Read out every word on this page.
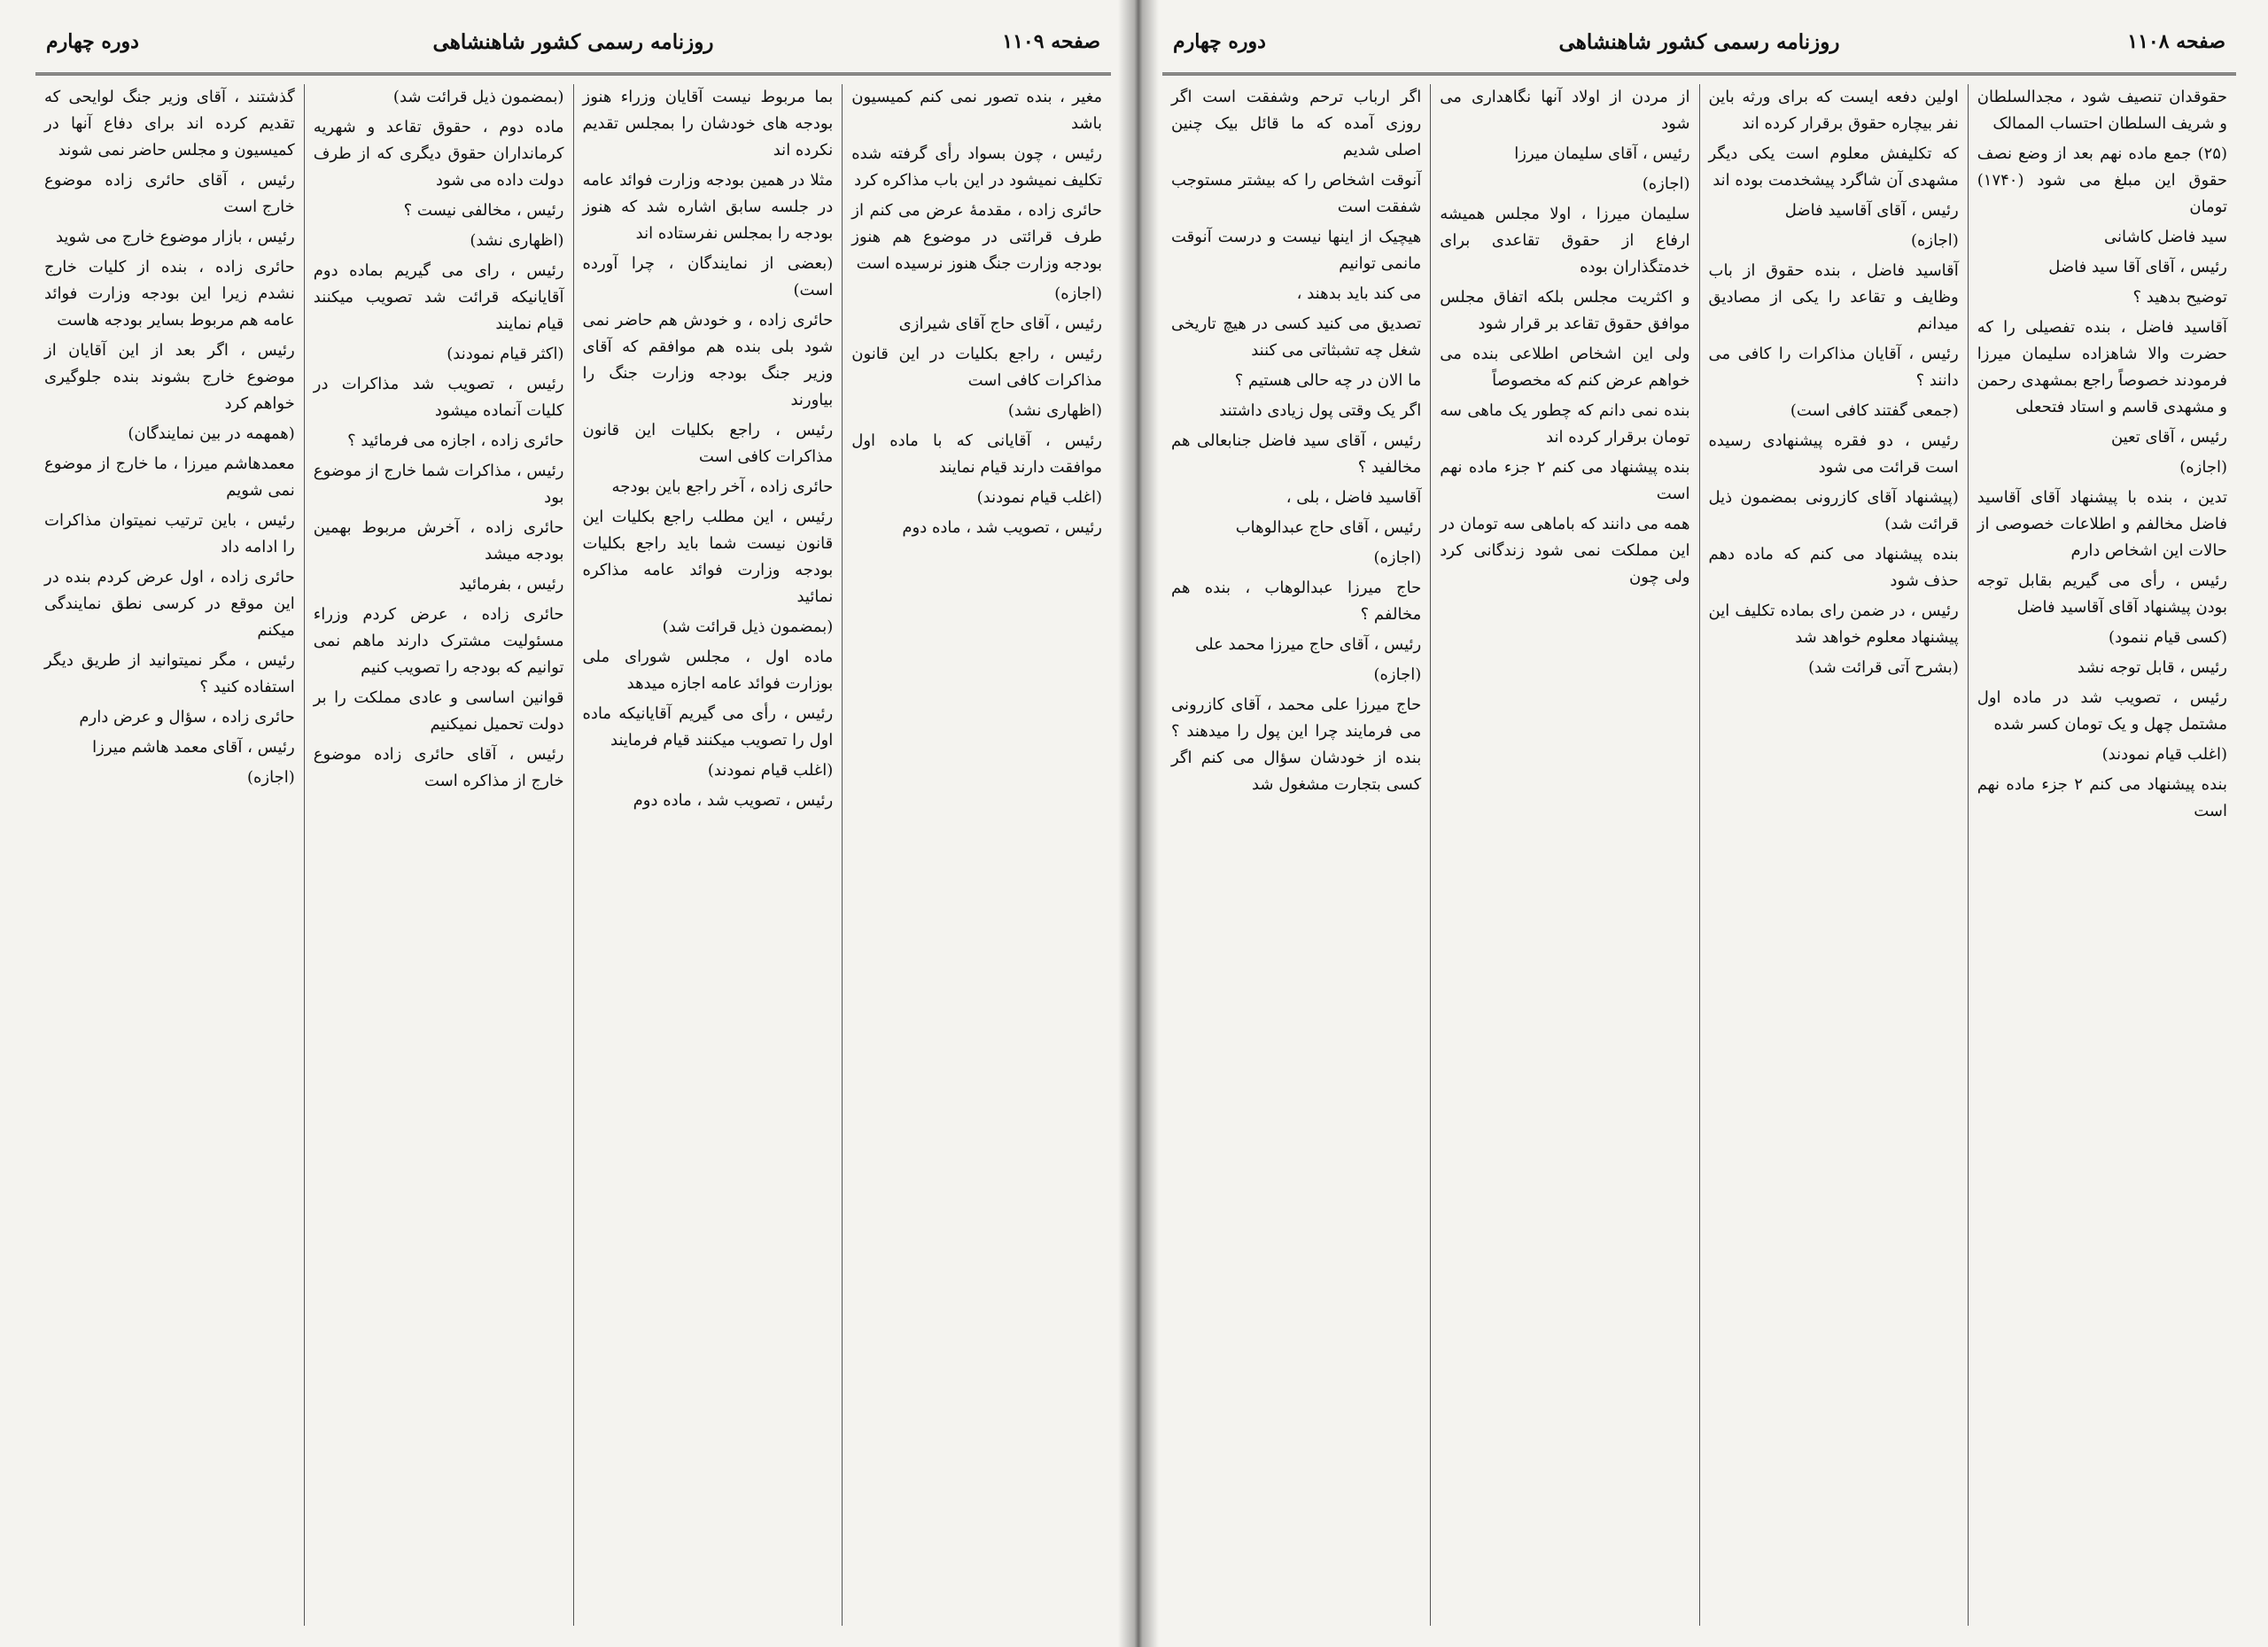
صفحه ۱۱۰۹
روزنامه رسمی کشور شاهنشاهی
دوره چهارم

مغیر ، بنده تصور نمی کنم کمیسیون باشد

رئیس ، چون بسواد رأی گرفته شده تکلیف نمیشود در این باب مذاکره کرد

حائری زاده ، مقدمهٔ عرض می کنم از طرف قرائتی در موضوع هم هنوز بودجه وزارت جنگ هنوز نرسیده است

(اجازه)

رئیس ، آقای حاج آقای شیرازی

رئیس ، راجع بکلیات در این قانون مذاکرات کافی است

(اظهاری نشد)

رئیس ، آقایانی که با ماده اول موافقت دارند قیام نمایند

(اغلب قیام نمودند)

رئیس ، تصویب شد ، ماده دوم

بما مربوط نیست آقایان وزراء هنوز بودجه های خودشان را بمجلس تقدیم نکرده اند

مثلا در همین بودجه وزارت فوائد عامه در جلسه سابق اشاره شد که هنوز بودجه را بمجلس نفرستاده اند

(بعضی از نمایندگان ، چرا آورده است)

حائری زاده ، و خودش هم حاضر نمی شود بلی بنده هم موافقم که آقای وزیر جنگ بودجه وزارت جنگ را بیاورند

رئیس ، راجع بکلیات این قانون مذاکرات کافی است

حائری زاده ، آخر راجع باین بودجه

رئیس ، این مطلب راجع بکلیات این قانون نیست شما باید راجع بکلیات بودجه وزارت فوائد عامه مذاکره نمائید

(بمضمون ذیل قرائت شد)

ماده اول ، مجلس شورای ملی بوزارت فوائد عامه اجازه میدهد

رئیس ، رأی می گیریم آقایانیکه ماده اول را تصویب میکنند قیام فرمایند

(اغلب قیام نمودند)

رئیس ، تصویب شد ، ماده دوم

(بمضمون ذیل قرائت شد)

ماده دوم ، حقوق تقاعد و شهریه کرمانداران حقوق دیگری که از طرف دولت داده می شود

رئیس ، مخالفی نیست ؟

(اظهاری نشد)

رئیس ، رای می گیریم بماده دوم آقایانیکه قرائت شد تصویب میکنند قیام نمایند

(اکثر قیام نمودند)

رئیس ، تصویب شد مذاکرات در کلیات آنماده میشود

حائری زاده ، اجازه می فرمائید ؟

رئیس ، مذاکرات شما خارج از موضوع بود

حائری زاده ، آخرش مربوط بهمین بودجه میشد

رئیس ، بفرمائید

حائری زاده ، عرض کردم وزراء مسئولیت مشترک دارند ماهم نمی توانیم که بودجه را تصویب کنیم

قوانین اساسی و عادی مملکت را بر دولت تحمیل نمیکنیم

رئیس ، آقای حائری زاده موضوع خارج از مذاکره است

گذشتند ، آقای وزیر جنگ لوایحی که تقدیم کرده اند برای دفاع آنها در کمیسیون و مجلس حاضر نمی شوند

رئیس ، آقای حائری زاده موضوع خارج است

رئیس ، بازار موضوع خارج می شوید

حائری زاده ، بنده از کلیات خارج نشدم زیرا این بودجه وزارت فوائد عامه هم مربوط بسایر بودجه هاست

رئیس ، اگر بعد از این آقایان از موضوع خارج بشوند بنده جلوگیری خواهم کرد

(همهمه در بین نمایندگان)

معمدهاشم میرزا ، ما خارج از موضوع نمی شویم

رئیس ، باین ترتیب نمیتوان مذاکرات را ادامه داد

حائری زاده ، اول عرض کردم بنده در این موقع در کرسی نطق نمایندگی میکنم

رئیس ، مگر نمیتوانید از طریق دیگر استفاده کنید ؟

حائری زاده ، سؤال و عرض دارم

رئیس ، آقای معمد هاشم میرزا

(اجازه)

صفحه ۱۱۰۸
روزنامه رسمی کشور شاهنشاهی
دوره چهارم

حقوقدان تنصیف شود ، مجدالسلطان و شریف السلطان احتساب الممالک

(۲۵) جمع ماده نهم بعد از وضع نصف حقوق این مبلغ می شود (۱۷۴۰) تومان

سید فاضل کاشانی

رئیس ، آقای آقا سید فاضل

توضیح بدهید ؟

آقاسید فاضل ، بنده تفصیلی را که حضرت والا شاهزاده سلیمان میرزا فرمودند خصوصاً راجع بمشهدی رحمن و مشهدی قاسم و استاد فتحعلی

رئیس ، آقای تعین

(اجازه)

تدین ، بنده با پیشنهاد آقای آقاسید فاضل مخالفم و اطلاعات خصوصی از حالات این اشخاص دارم

رئیس ، رأی می گیریم بقابل توجه بودن پیشنهاد آقای آقاسید فاضل

(کسی قیام ننمود)

رئیس ، قابل توجه نشد

رئیس ، تصویب شد در ماده اول مشتمل چهل و یک تومان کسر شده

(اغلب قیام نمودند)

بنده پیشنهاد می کنم ۲ جزء ماده نهم است

اولین دفعه ایست که برای ورثه باین نفر بیچاره حقوق برقرار کرده اند

که تکلیفش معلوم است یکی دیگر مشهدی آن شاگرد پیشخدمت بوده اند

رئیس ، آقای آقاسید فاضل

(اجازه)

آقاسید فاضل ، بنده حقوق از باب وظایف و تقاعد را یکی از مصادیق میدانم

رئیس ، آقایان مذاکرات را کافی می دانند ؟

(جمعی گفتند کافی است)

رئیس ، دو فقره پیشنهادی رسیده است قرائت می شود

(پیشنهاد آقای کازرونی بمضمون ذیل قرائت شد)

بنده پیشنهاد می کنم که ماده دهم حذف شود

رئیس ، در ضمن رای بماده تکلیف این پیشنهاد معلوم خواهد شد

(بشرح آتی قرائت شد)

از مردن از اولاد آنها نگاهداری می شود

رئیس ، آقای سلیمان میرزا

(اجازه)

سلیمان میرزا ، اولا مجلس همیشه ارفاع از حقوق تقاعدی برای خدمتگذاران بوده

و اکثریت مجلس بلکه اتفاق مجلس موافق حقوق تقاعد بر قرار شود

ولی این اشخاص اطلاعی بنده می خواهم عرض کنم که مخصوصاً

بنده نمی دانم که چطور یک ماهی سه تومان برقرار کرده اند

بنده پیشنهاد می کنم ۲ جزء ماده نهم است

همه می دانند که باماهی سه تومان در این مملکت نمی شود زندگانی کرد ولی چون

اگر ارباب ترحم وشفقت است اگر روزی آمده که ما قائل بیک چنین اصلی شدیم

آنوقت اشخاص را که بیشتر مستوجب شفقت است

هیچیک از اینها نیست و درست آنوقت مانمی توانیم

می کند باید بدهند ،

تصدیق می کنید کسی در هیچ تاریخی شغل چه تشبثاتی می کنند

ما الان در چه حالی هستیم ؟

اگر یک وقتی پول زیادی داشتند

رئیس ، آقای سید فاضل جنابعالی هم مخالفید ؟

آقاسید فاضل ، بلی ،

رئیس ، آقای حاج عبدالوهاب

(اجازه)

حاج میرزا عبدالوهاب ، بنده هم مخالفم ؟

رئیس ، آقای حاج میرزا محمد علی

(اجازه)

حاج میرزا علی محمد ، آقای کازرونی می فرمایند چرا این پول را میدهند ؟ بنده از خودشان سؤال می کنم اگر کسی بتجارت مشغول شد
